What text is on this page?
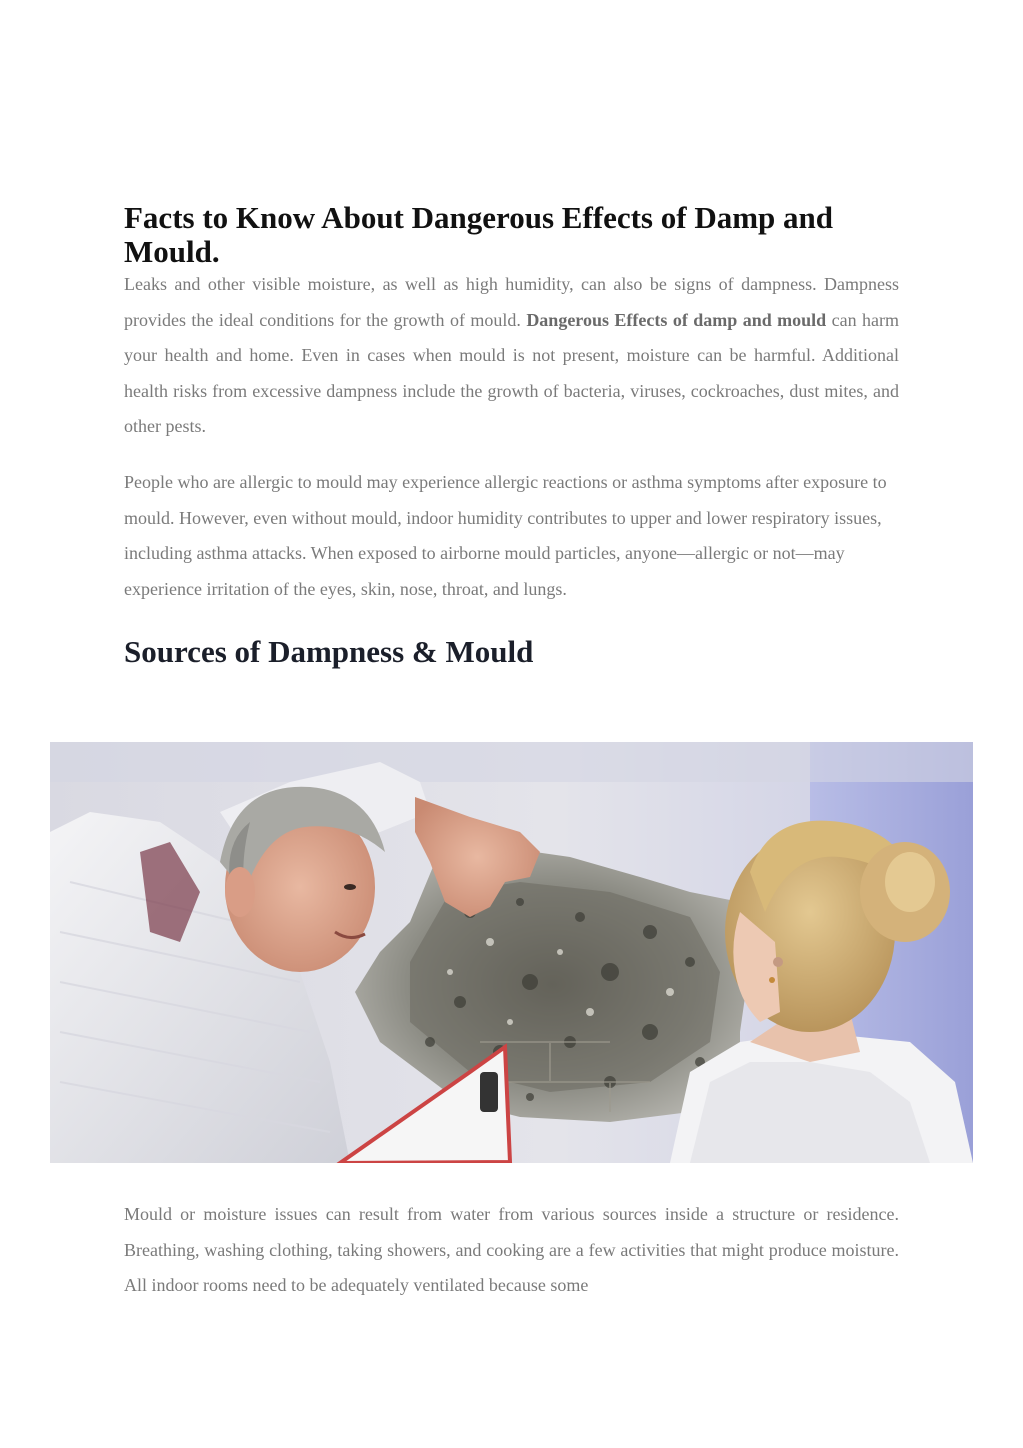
Facts to Know About Dangerous Effects of Damp and Mould.

Leaks and other visible moisture, as well as high humidity, can also be signs of dampness. Dampness provides the ideal conditions for the growth of mould. Dangerous Effects of damp and mould can harm your health and home. Even in cases when mould is not present, moisture can be harmful. Additional health risks from excessive dampness include the growth of bacteria, viruses, cockroaches, dust mites, and other pests.

People who are allergic to mould may experience allergic reactions or asthma symptoms after exposure to mould. However, even without mould, indoor humidity contributes to upper and lower respiratory issues, including asthma attacks. When exposed to airborne mould particles, anyone—allergic or not—may experience irritation of the eyes, skin, nose, throat, and lungs.

Sources of Dampness & Mould

Mould or moisture issues can result from water from various sources inside a structure or residence. Breathing, washing clothing, taking showers, and cooking are a few activities that might produce moisture. All indoor rooms need to be adequately ventilated because some
